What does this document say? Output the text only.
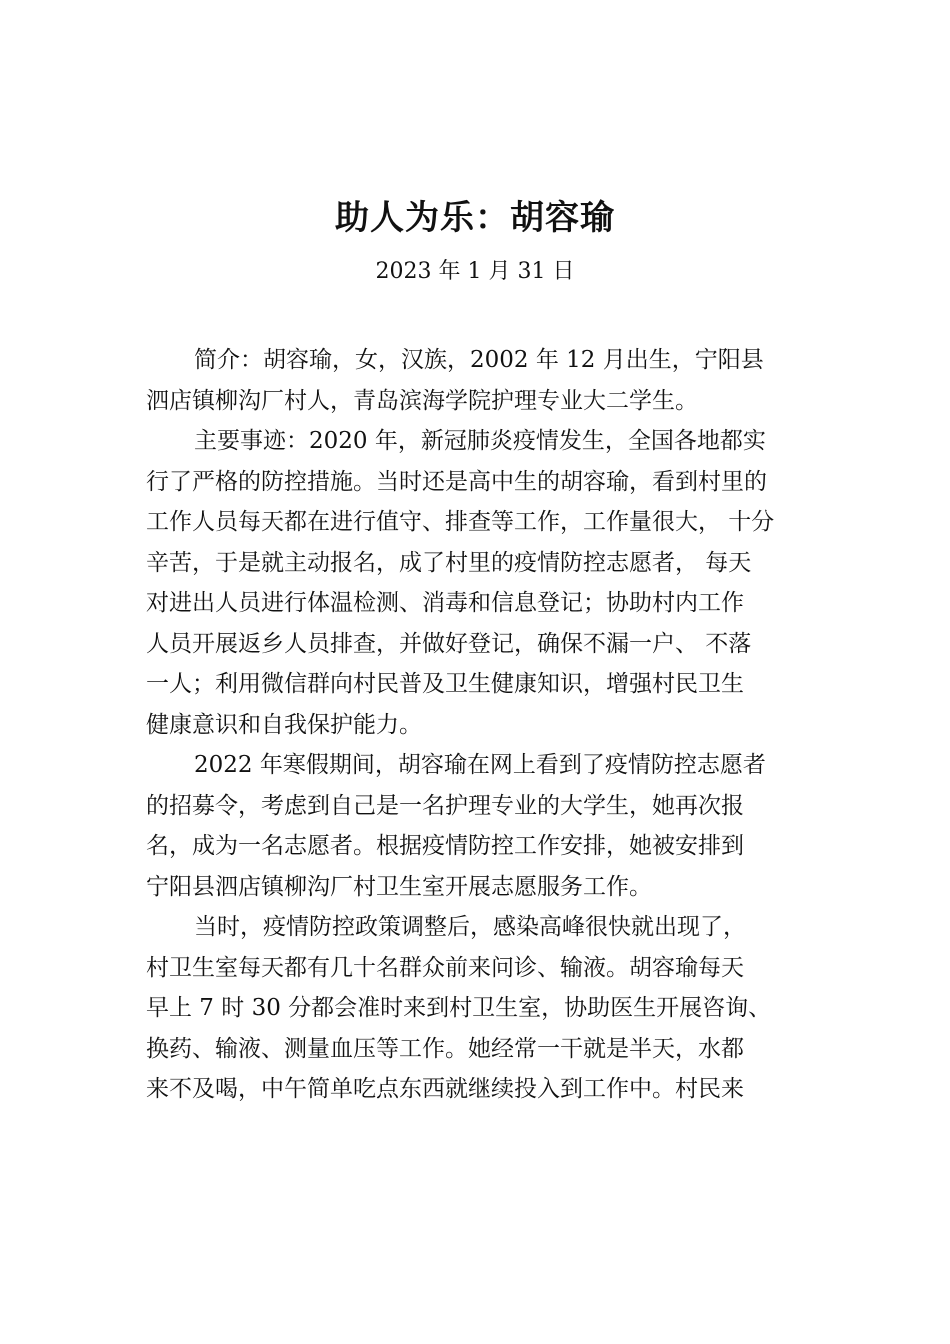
助人为乐：胡容瑜
2023 年 1 月 31 日
简介：胡容瑜，女，汉族，2002 年 12 月出生，宁阳县
泗店镇柳沟厂村人，青岛滨海学院护理专业大二学生。
主要事迹：2020 年，新冠肺炎疫情发生，全国各地都实
行了严格的防控措施。当时还是高中生的胡容瑜，看到村里的
工作人员每天都在进行值守、排查等工作，工作量很大， 十分
辛苦，于是就主动报名，成了村里的疫情防控志愿者， 每天
对进出人员进行体温检测、消毒和信息登记；协助村内工作
人员开展返乡人员排查，并做好登记，确保不漏一户、 不落
一人；利用微信群向村民普及卫生健康知识，增强村民卫生
健康意识和自我保护能力。
2022 年寒假期间，胡容瑜在网上看到了疫情防控志愿者
的招募令，考虑到自己是一名护理专业的大学生，她再次报
名，成为一名志愿者。根据疫情防控工作安排，她被安排到
宁阳县泗店镇柳沟厂村卫生室开展志愿服务工作。
当时，疫情防控政策调整后，感染高峰很快就出现了，
村卫生室每天都有几十名群众前来问诊、输液。胡容瑜每天
早上 7 时 30 分都会准时来到村卫生室，协助医生开展咨询、
换药、输液、测量血压等工作。她经常一干就是半天，水都
来不及喝，中午简单吃点东西就继续投入到工作中。村民来
